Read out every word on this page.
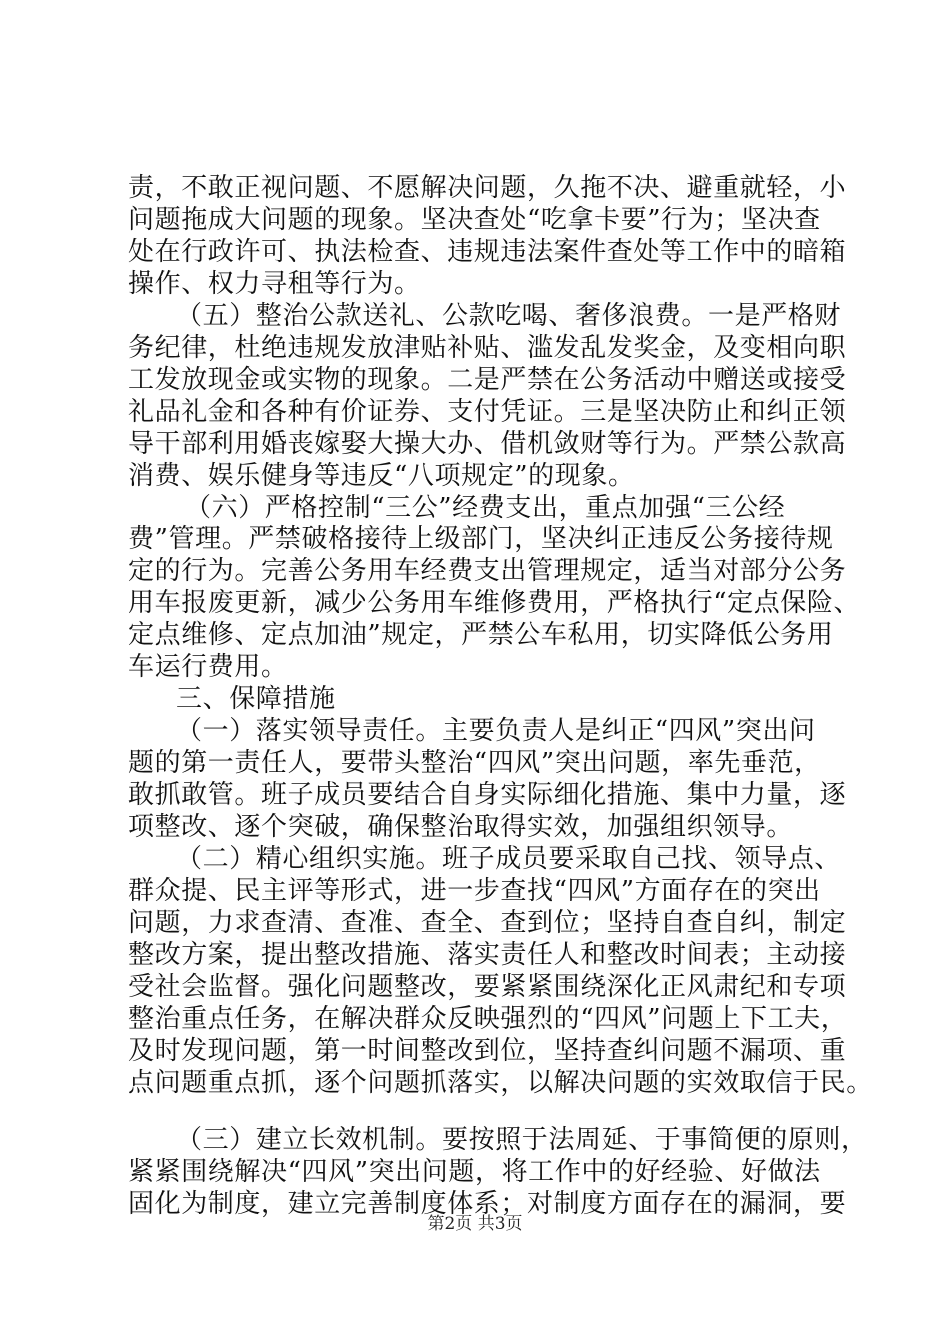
责，不敢正视问题、不愿解决问题，久拖不决、避重就轻，小
问题拖成大问题的现象。坚决查处“吃拿卡要”行为；坚决查
处在行政许可、执法检查、违规违法案件查处等工作中的暗箱
操作、权力寻租等行为。
（五）整治公款送礼、公款吃喝、奢侈浪费。一是严格财
务纪律，杜绝违规发放津贴补贴、滥发乱发奖金，及变相向职
工发放现金或实物的现象。二是严禁在公务活动中赠送或接受
礼品礼金和各种有价证券、支付凭证。三是坚决防止和纠正领
导干部利用婚丧嫁娶大操大办、借机敛财等行为。严禁公款高
消费、娱乐健身等违反“八项规定”的现象。
（六）严格控制“三公”经费支出，重点加强“三公经
费”管理。严禁破格接待上级部门，坚决纠正违反公务接待规
定的行为。完善公务用车经费支出管理规定，适当对部分公务
用车报废更新，减少公务用车维修费用，严格执行“定点保险、
定点维修、定点加油”规定，严禁公车私用，切实降低公务用
车运行费用。
三、保障措施
（一）落实领导责任。主要负责人是纠正“四风”突出问
题的第一责任人，要带头整治“四风”突出问题，率先垂范，
敢抓敢管。班子成员要结合自身实际细化措施、集中力量，逐
项整改、逐个突破，确保整治取得实效，加强组织领导。
（二）精心组织实施。班子成员要采取自己找、领导点、
群众提、民主评等形式，进一步查找“四风”方面存在的突出
问题，力求查清、查准、查全、查到位；坚持自查自纠，制定
整改方案，提出整改措施、落实责任人和整改时间表；主动接
受社会监督。强化问题整改，要紧紧围绕深化正风肃纪和专项
整治重点任务，在解决群众反映强烈的“四风”问题上下工夫，
及时发现问题，第一时间整改到位，坚持查纠问题不漏项、重
点问题重点抓，逐个问题抓落实，以解决问题的实效取信于民。
（三）建立长效机制。要按照于法周延、于事简便的原则，
紧紧围绕解决“四风”突出问题，将工作中的好经验、好做法
固化为制度，建立完善制度体系；对制度方面存在的漏洞，要
第2页 共3页
